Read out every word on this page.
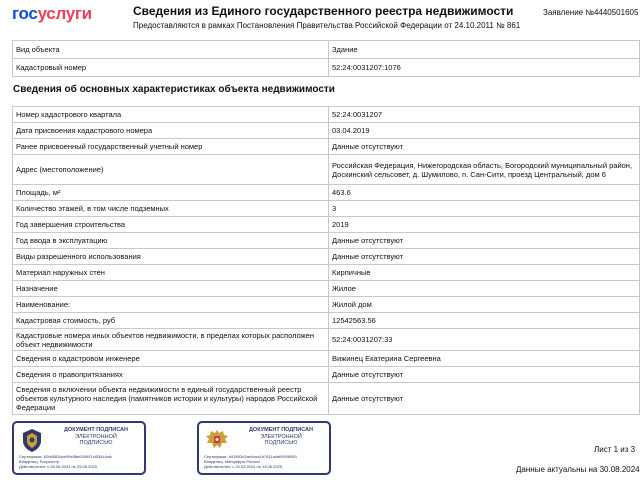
госуслуги	Сведения из Единого государственного реестра недвижимости
Предоставляются в рамках Постановления Правительства Российской Федерации от 24.10.2011 № 861
Заявление №4440501605
Вид объекта	Здание
Кадастровый номер	52:24:0031207:1076
Сведения об основных характеристиках объекта недвижимости
Номер кадастрового квартала	52:24:0031207
Дата присвоения кадастрового номера	03.04.2019
Ранее присвоенный государственный учетный номер	Данные отсутствуют
Адрес (местоположение)	Российская Федерация, Нижегородская область, Богородский муниципальный район, Доскинский сельсовет, д. Шумилово, п. Сан-Сити, проезд Центральный, дом 6
Площадь, м²	463.6
Количество этажей, в том числе подземных	3
Год завершения строительства	2019
Год ввода в эксплуатацию	Данные отсутствуют
Виды разрешенного использования	Данные отсутствуют
Материал наружных стен	Кирпичные
Назначение	Жилое
Наименование:	Жилой дом
Кадастровая стоимость, руб	12542563.56
Кадастровые номера иных объектов недвижимости, в пределах которых расположен объект недвижимости	52:24:0031207:33
Сведения о кадастровом инженере	Вижинец Екатерина Сергеевна
Сведения о правопритязаниях	Данные отсутствуют
Сведения о включении объекта недвижимости в единый государственный реестр объектов культурного наследия (памятников истории и культуры) народов Российской Федерации	Данные отсутствуют
ДОКУМЕНТ ПОДПИСАН
ЭЛЕКТРОННОЙ
ПОДПИСЬЮ
Сертификат: 62b6583dcb90e88e634901cf53444cfc
Владелец: Росреестр
Действителен: с 05.06.2024 по 29.08.2025
ДОКУМЕНТ ПОДПИСАН
ЭЛЕКТРОННОЙ
ПОДПИСЬЮ
Сертификат: b51893c2ae4cea1b7611a4ef6939f551
Владелец: Минцифры России
Действителен: с 20.03.2024 по 13.06.2025
Лист 1 из 3
Данные актуальны на 30.08.2024
